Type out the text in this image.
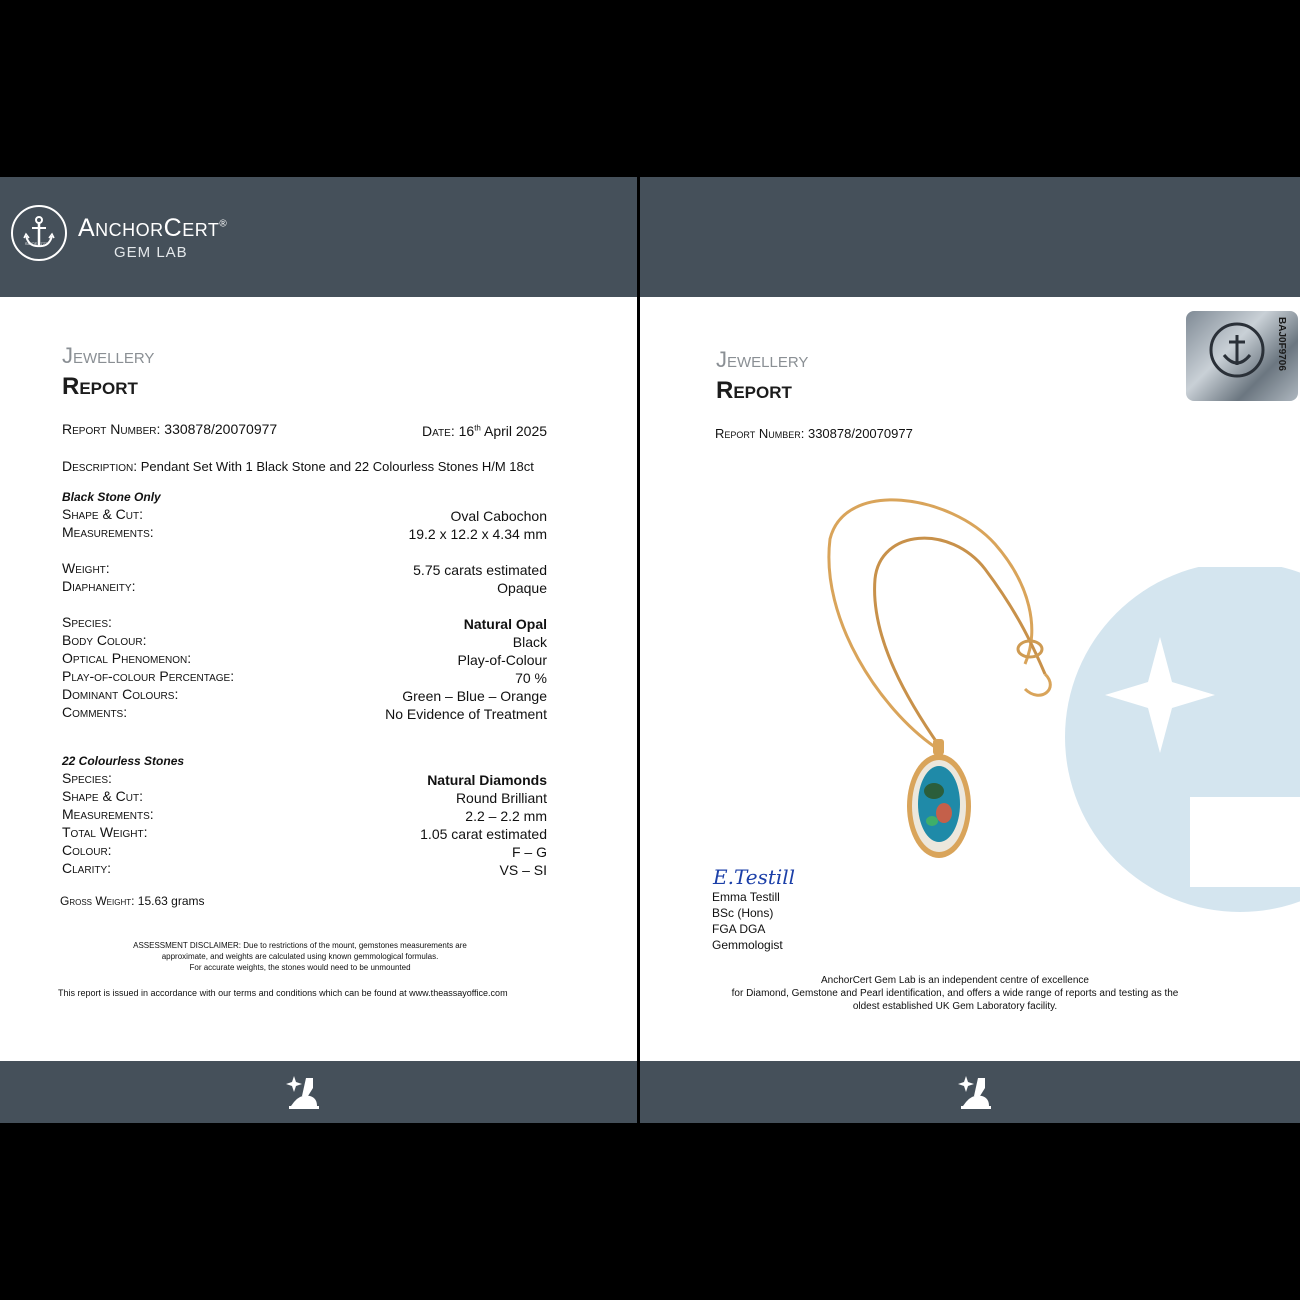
SINCE 1773
AnchorCert®
GEM LAB
Jewellery
Report
Report Number: 330878/20070977	Date: 16th April 2025
Description: Pendant Set With 1 Black Stone and 22 Colourless Stones H/M 18ct
Black Stone Only
Shape & Cut:	Oval Cabochon
Measurements:	19.2 x 12.2 x 4.34 mm
Weight:	5.75 carats estimated
Diaphaneity:	Opaque
Species:	Natural Opal
Body Colour:	Black
Optical Phenomenon:	Play-of-Colour
Play-of-colour Percentage:	70 %
Dominant Colours:	Green – Blue – Orange
Comments:	No Evidence of Treatment
22 Colourless Stones
Species:	Natural Diamonds
Shape & Cut:	Round Brilliant
Measurements:	2.2 – 2.2 mm
Total Weight:	1.05 carat estimated
Colour:	F – G
Clarity:	VS – SI
Gross Weight: 15.63 grams
ASSESSMENT DISCLAIMER: Due to restrictions of the mount, gemstones measurements are
approximate, and weights are calculated using known gemmological formulas.
For accurate weights, the stones would need to be unmounted
This report is issued in accordance with our terms and conditions which can be found at www.theassayoffice.com
Jewellery
Report
Report Number: 330878/20070977
BAJ0F9706
E.Testill
Emma Testill
BSc (Hons)
FGA DGA
Gemmologist
AnchorCert Gem Lab is an independent centre of excellence
for Diamond, Gemstone and Pearl identification, and offers a wide range of reports and testing as the
oldest established UK Gem Laboratory facility.
